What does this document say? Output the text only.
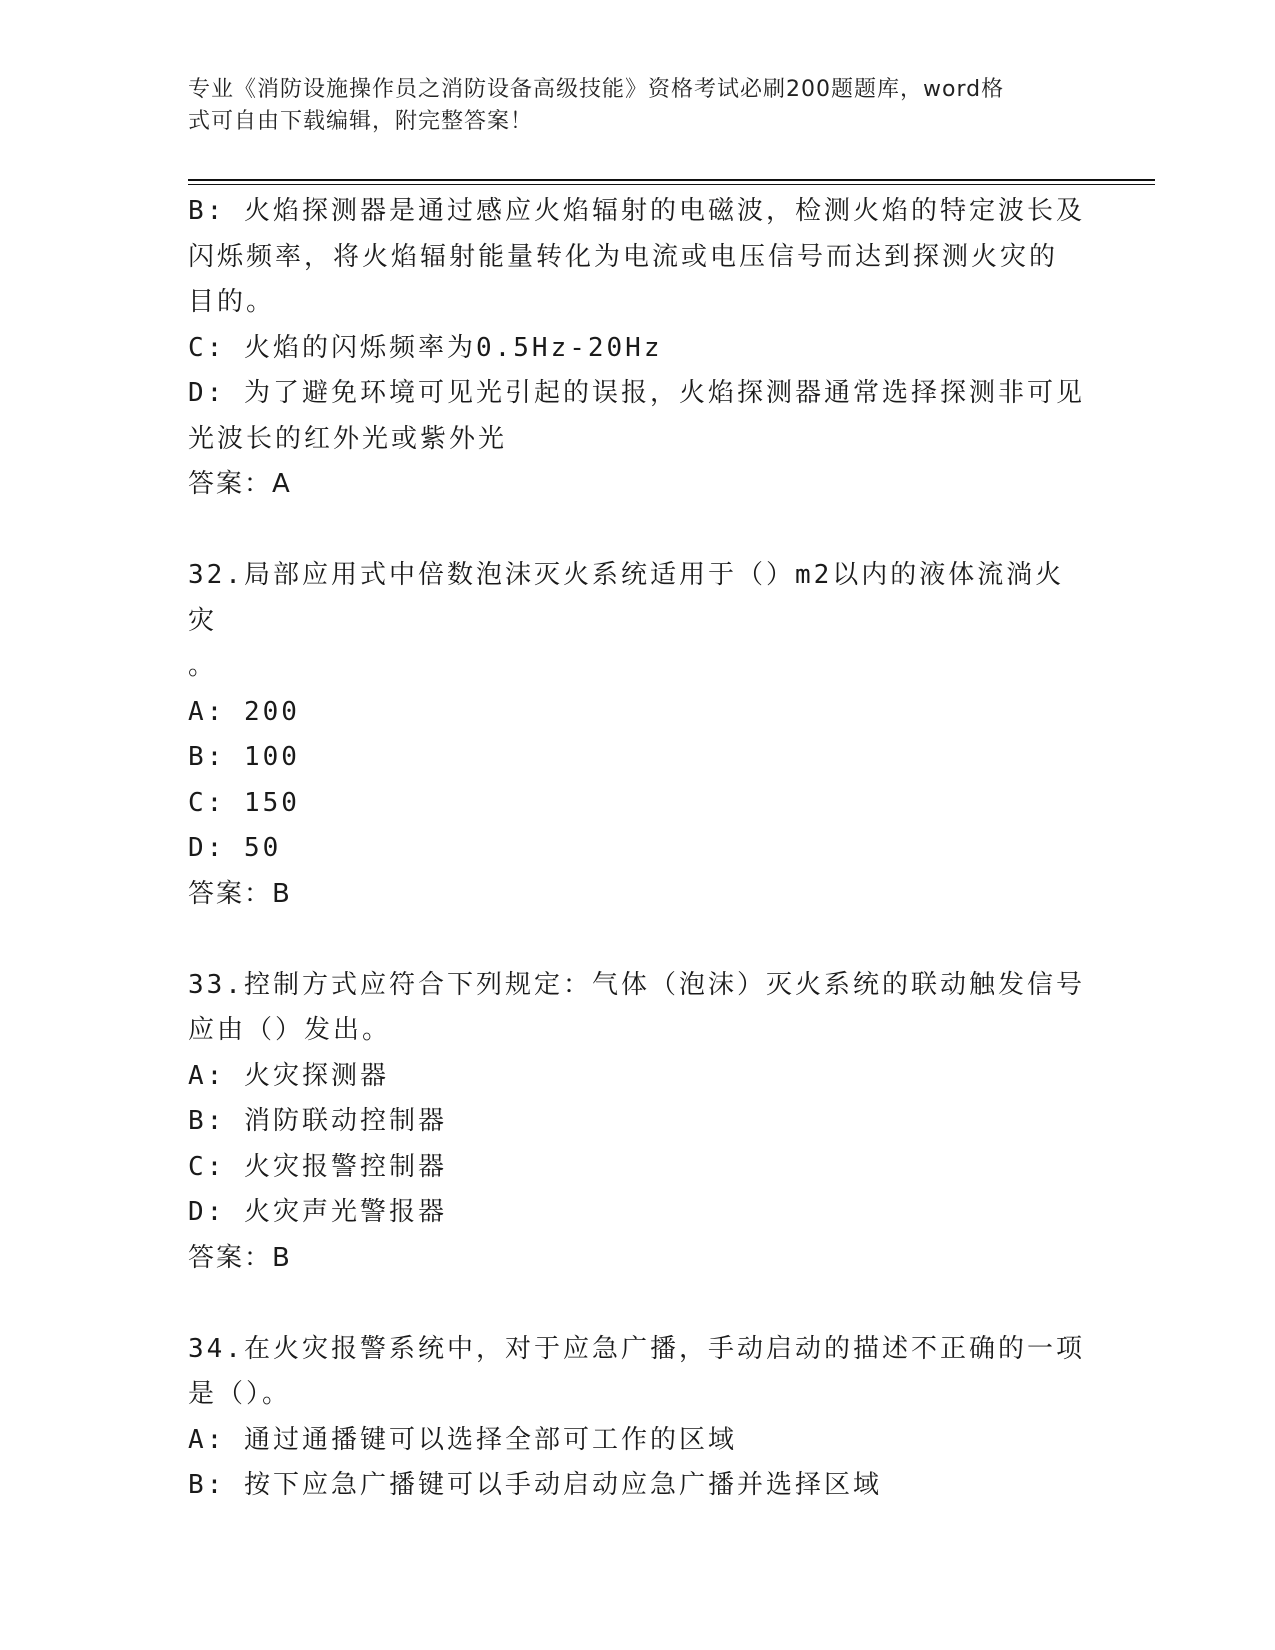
专业《消防设施操作员之消防设备高级技能》资格考试必刷200题题库，word格
式可自由下载编辑，附完整答案！
B: 火焰探测器是通过感应火焰辐射的电磁波，检测火焰的特定波长及
闪烁频率，将火焰辐射能量转化为电流或电压信号而达到探测火灾的
目的。
C: 火焰的闪烁频率为0.5Hz-20Hz
D: 为了避免环境可见光引起的误报，火焰探测器通常选择探测非可见
光波长的红外光或紫外光
答案：A
32.局部应用式中倍数泡沫灭火系统适用于（）m2以内的液体流淌火灾
。
A: 200
B: 100
C: 150
D: 50
答案：B
33.控制方式应符合下列规定：气体（泡沫）灭火系统的联动触发信号
应由（）发出。
A: 火灾探测器
B: 消防联动控制器
C: 火灾报警控制器
D: 火灾声光警报器
答案：B
34.在火灾报警系统中，对于应急广播，手动启动的描述不正确的一项
是（）。
A: 通过通播键可以选择全部可工作的区域
B: 按下应急广播键可以手动启动应急广播并选择区域
